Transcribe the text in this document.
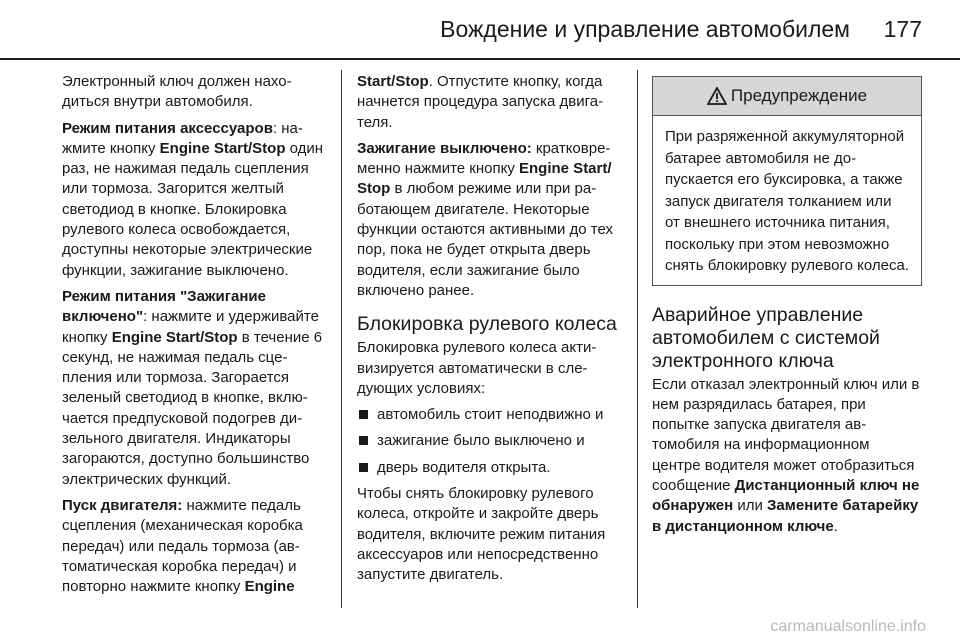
Вождение и управление автомобилем 177

Электронный ключ должен находиться внутри автомобиля.

Режим питания аксессуаров: нажмите кнопку Engine Start/Stop один раз, не нажимая педаль сцепления или тормоза. Загорится желтый светодиод в кнопке. Блокировка рулевого колеса освобождается, доступны некоторые электрические функции, зажигание выключено.

Режим питания "Зажигание включено": нажмите и удерживайте кнопку Engine Start/Stop в течение 6 секунд, не нажимая педаль сцепления или тормоза. Загорается зеленый светодиод в кнопке, включается предпусковой подогрев дизельного двигателя. Индикаторы загораются, доступно большинство электрических функций.

Пуск двигателя: нажмите педаль сцепления (механическая коробка передач) или педаль тормоза (автоматическая коробка передач) и повторно нажмите кнопку Engine

Start/Stop. Отпустите кнопку, когда начнется процедура запуска двигателя.

Зажигание выключено: кратковременно нажмите кнопку Engine Start/ Stop в любом режиме или при работающем двигателе. Некоторые функции остаются активными до тех пор, пока не будет открыта дверь водителя, если зажигание было включено ранее.

Блокировка рулевого колеса

Блокировка рулевого колеса активизируется автоматически в следующих условиях:

автомобиль стоит неподвижно и
зажигание было выключено и
дверь водителя открыта.

Чтобы снять блокировку рулевого колеса, откройте и закройте дверь водителя, включите режим питания аксессуаров или непосредственно запустите двигатель.

Предупреждение
При разряженной аккумуляторной батарее автомобиля не допускается его буксировка, а также запуск двигателя толканием или от внешнего источника питания, поскольку при этом невозможно снять блокировку рулевого колеса.
Аварийное управление автомобилем с системой электронного ключа

Если отказал электронный ключ или в нем разрядилась батарея, при попытке запуска двигателя автомобиля на информационном центре водителя может отобразиться сообщение Дистанционный ключ не обнаружен или Замените батарейку в дистанционном ключе.

carmanualsonline.info
